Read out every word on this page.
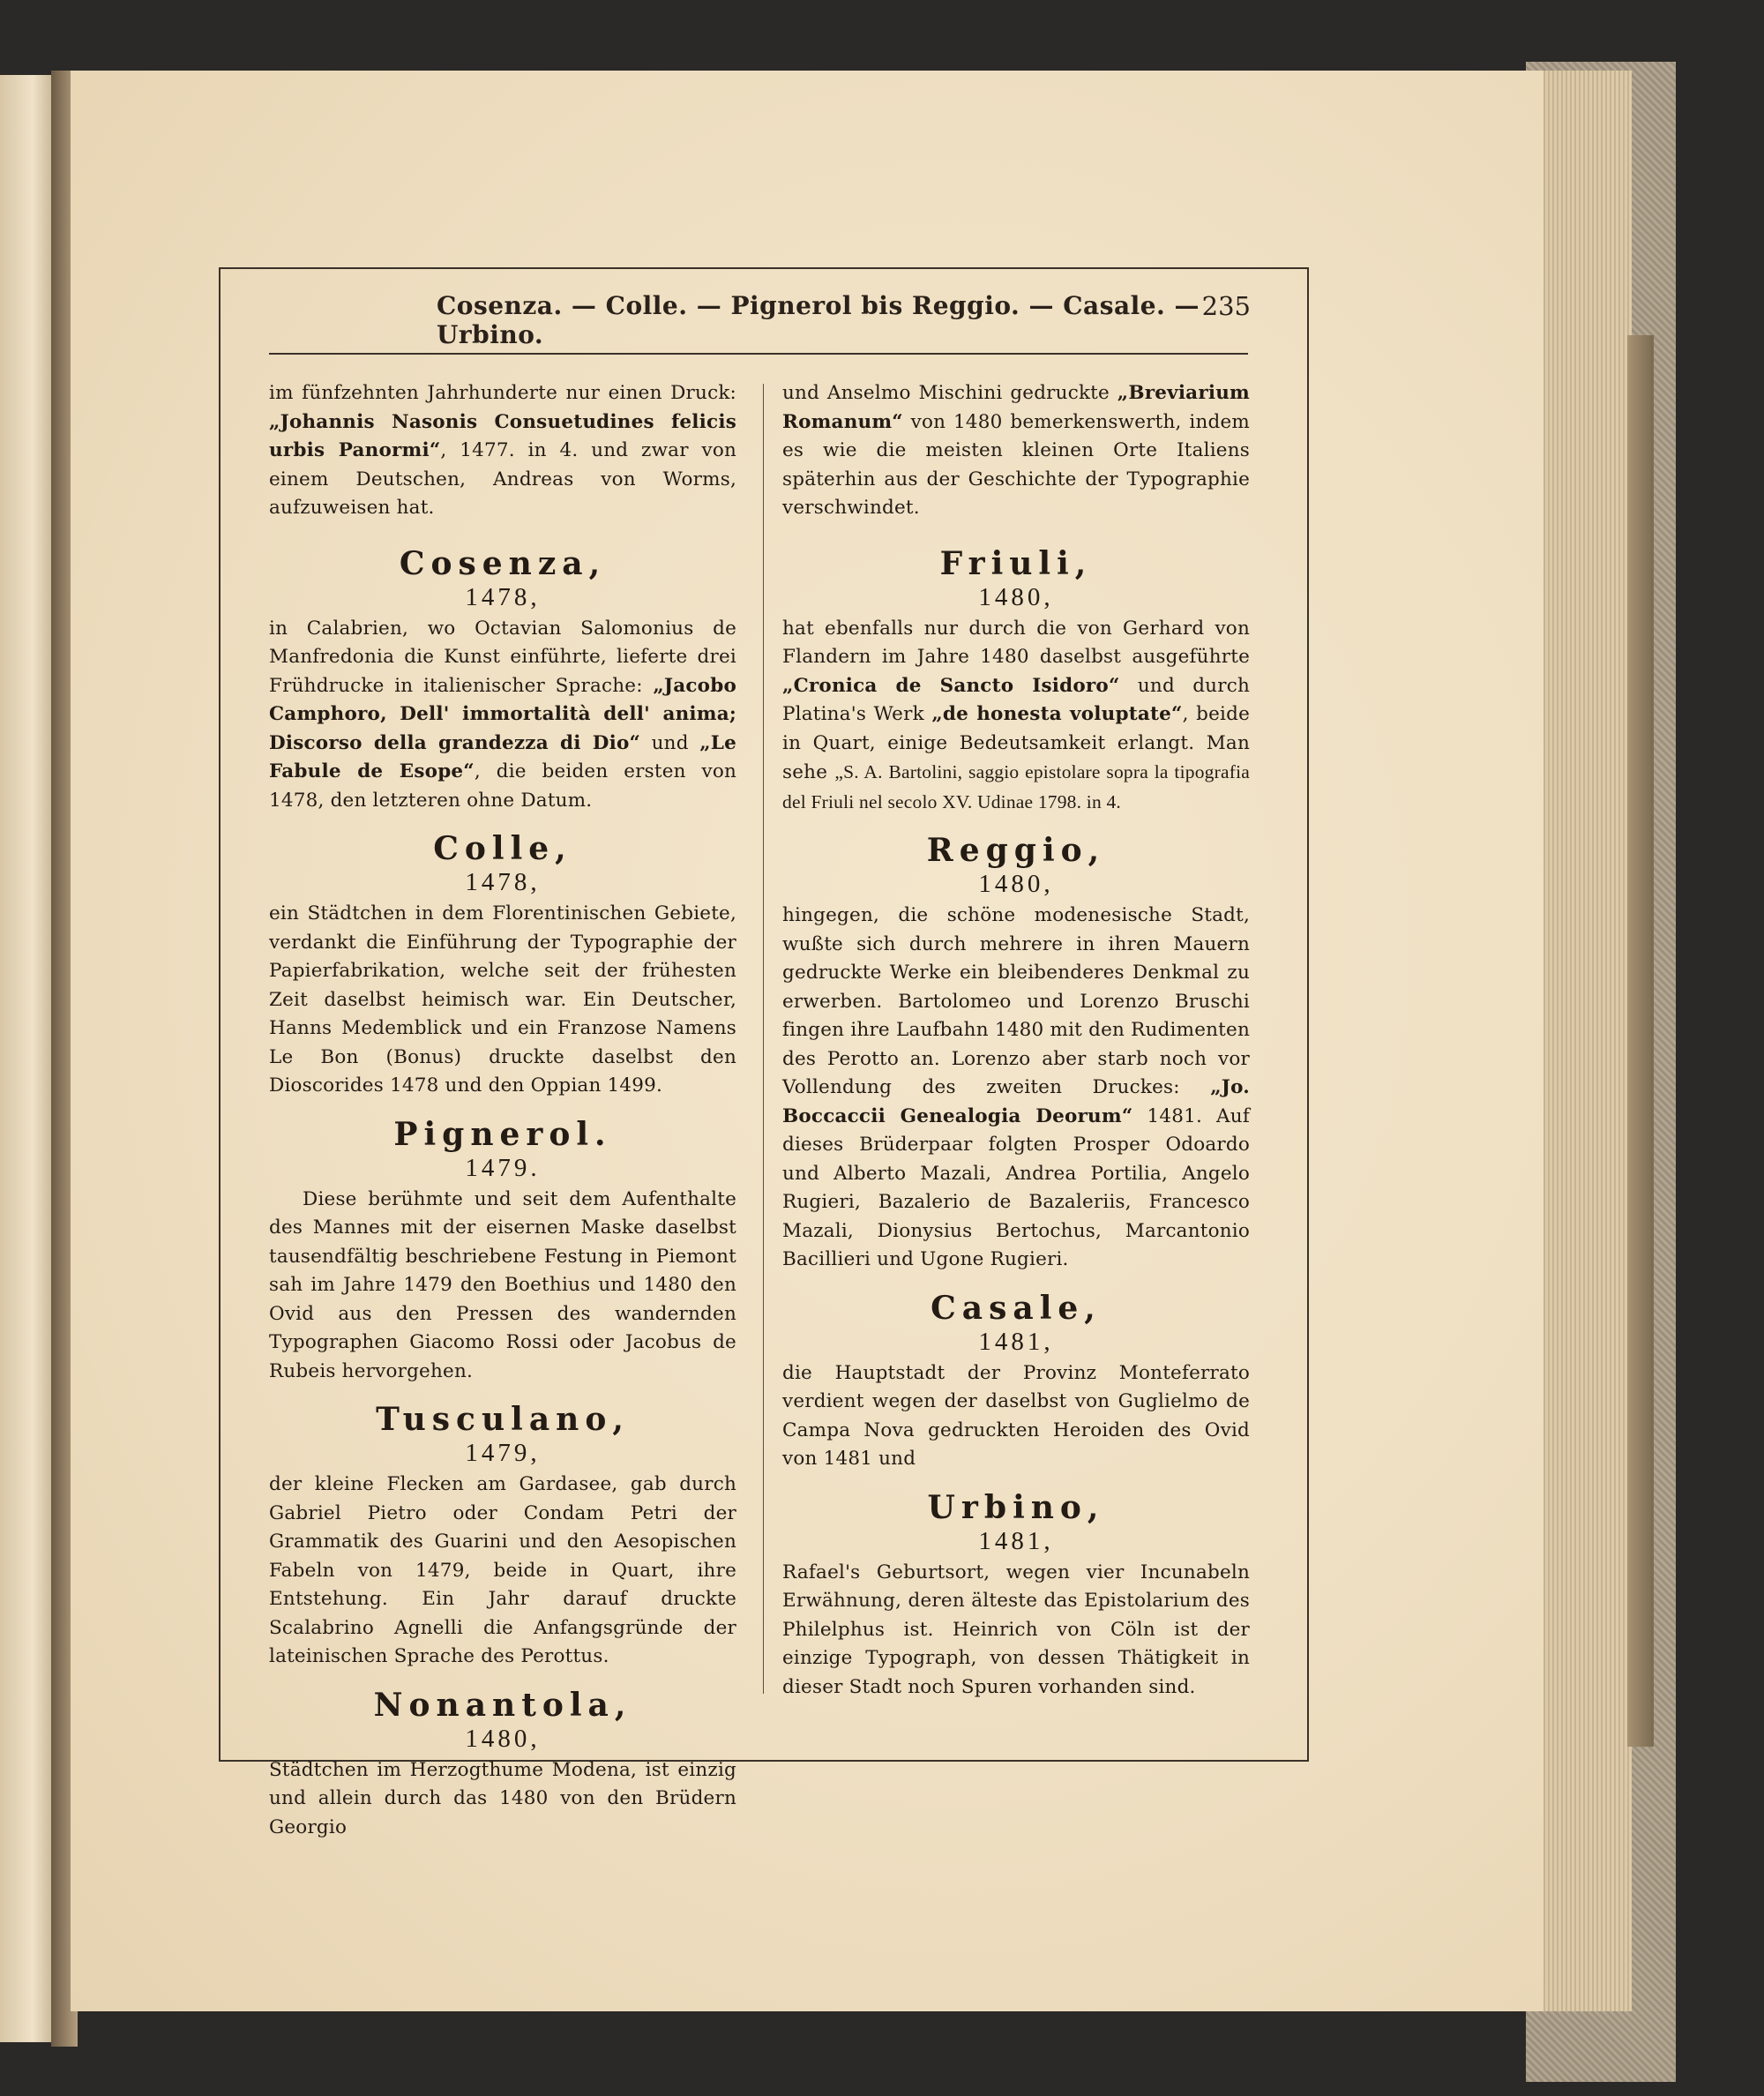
Cosenza. — Colle. — Pignerol bis Reggio. — Casale. — Urbino.
235

im fünfzehnten Jahrhunderte nur einen Druck: „Johannis Nasonis Consuetudines felicis urbis Panormi“, 1477. in 4. und zwar von einem Deutschen, Andreas von Worms, aufzuweisen hat.

Cosenza,
1478,

in Calabrien, wo Octavian Salomonius de Manfredonia die Kunst einführte, lieferte drei Frühdrucke in italienischer Sprache: „Jacobo Camphoro, Dell' immortalità dell' anima; Discorso della grandezza di Dio“ und „Le Fabule de Esope“, die beiden ersten von 1478, den letzteren ohne Datum.

Colle,
1478,

ein Städtchen in dem Florentinischen Gebiete, verdankt die Einführung der Typographie der Papierfabrikation, welche seit der frühesten Zeit daselbst heimisch war. Ein Deutscher, Hanns Medemblick und ein Franzose Namens Le Bon (Bonus) druckte daselbst den Dioscorides 1478 und den Oppian 1499.

Pignerol.
1479.

Diese berühmte und seit dem Aufenthalte des Mannes mit der eisernen Maske daselbst tausendfältig beschriebene Festung in Piemont sah im Jahre 1479 den Boethius und 1480 den Ovid aus den Pressen des wandernden Typographen Giacomo Rossi oder Jacobus de Rubeis hervorgehen.

Tusculano,
1479,

der kleine Flecken am Gardasee, gab durch Gabriel Pietro oder Condam Petri der Grammatik des Guarini und den Aesopischen Fabeln von 1479, beide in Quart, ihre Entstehung. Ein Jahr darauf druckte Scalabrino Agnelli die Anfangsgründe der lateinischen Sprache des Perottus.

Nonantola,
1480,

Städtchen im Herzogthume Modena, ist einzig und allein durch das 1480 von den Brüdern Georgio

und Anselmo Mischini gedruckte „Breviarium Romanum“ von 1480 bemerkenswerth, indem es wie die meisten kleinen Orte Italiens späterhin aus der Geschichte der Typographie verschwindet.

Friuli,
1480,

hat ebenfalls nur durch die von Gerhard von Flandern im Jahre 1480 daselbst ausgeführte „Cronica de Sancto Isidoro“ und durch Platina's Werk „de honesta voluptate“, beide in Quart, einige Bedeutsamkeit erlangt. Man sehe „S. A. Bartolini, saggio epistolare sopra la tipografia del Friuli nel secolo XV. Udinae 1798. in 4.

Reggio,
1480,

hingegen, die schöne modenesische Stadt, wußte sich durch mehrere in ihren Mauern gedruckte Werke ein bleibenderes Denkmal zu erwerben. Bartolomeo und Lorenzo Bruschi fingen ihre Laufbahn 1480 mit den Rudimenten des Perotto an. Lorenzo aber starb noch vor Vollendung des zweiten Druckes: „Jo. Boccaccii Genealogia Deorum“ 1481. Auf dieses Brüderpaar folgten Prosper Odoardo und Alberto Mazali, Andrea Portilia, Angelo Rugieri, Bazalerio de Bazaleriis, Francesco Mazali, Dionysius Bertochus, Marcantonio Bacillieri und Ugone Rugieri.

Casale,
1481,

die Hauptstadt der Provinz Monteferrato verdient wegen der daselbst von Guglielmo de Campa Nova gedruckten Heroiden des Ovid von 1481 und

Urbino,
1481,

Rafael's Geburtsort, wegen vier Incunabeln Erwähnung, deren älteste das Epistolarium des Philelphus ist. Heinrich von Cöln ist der einzige Typograph, von dessen Thätigkeit in dieser Stadt noch Spuren vorhanden sind.
